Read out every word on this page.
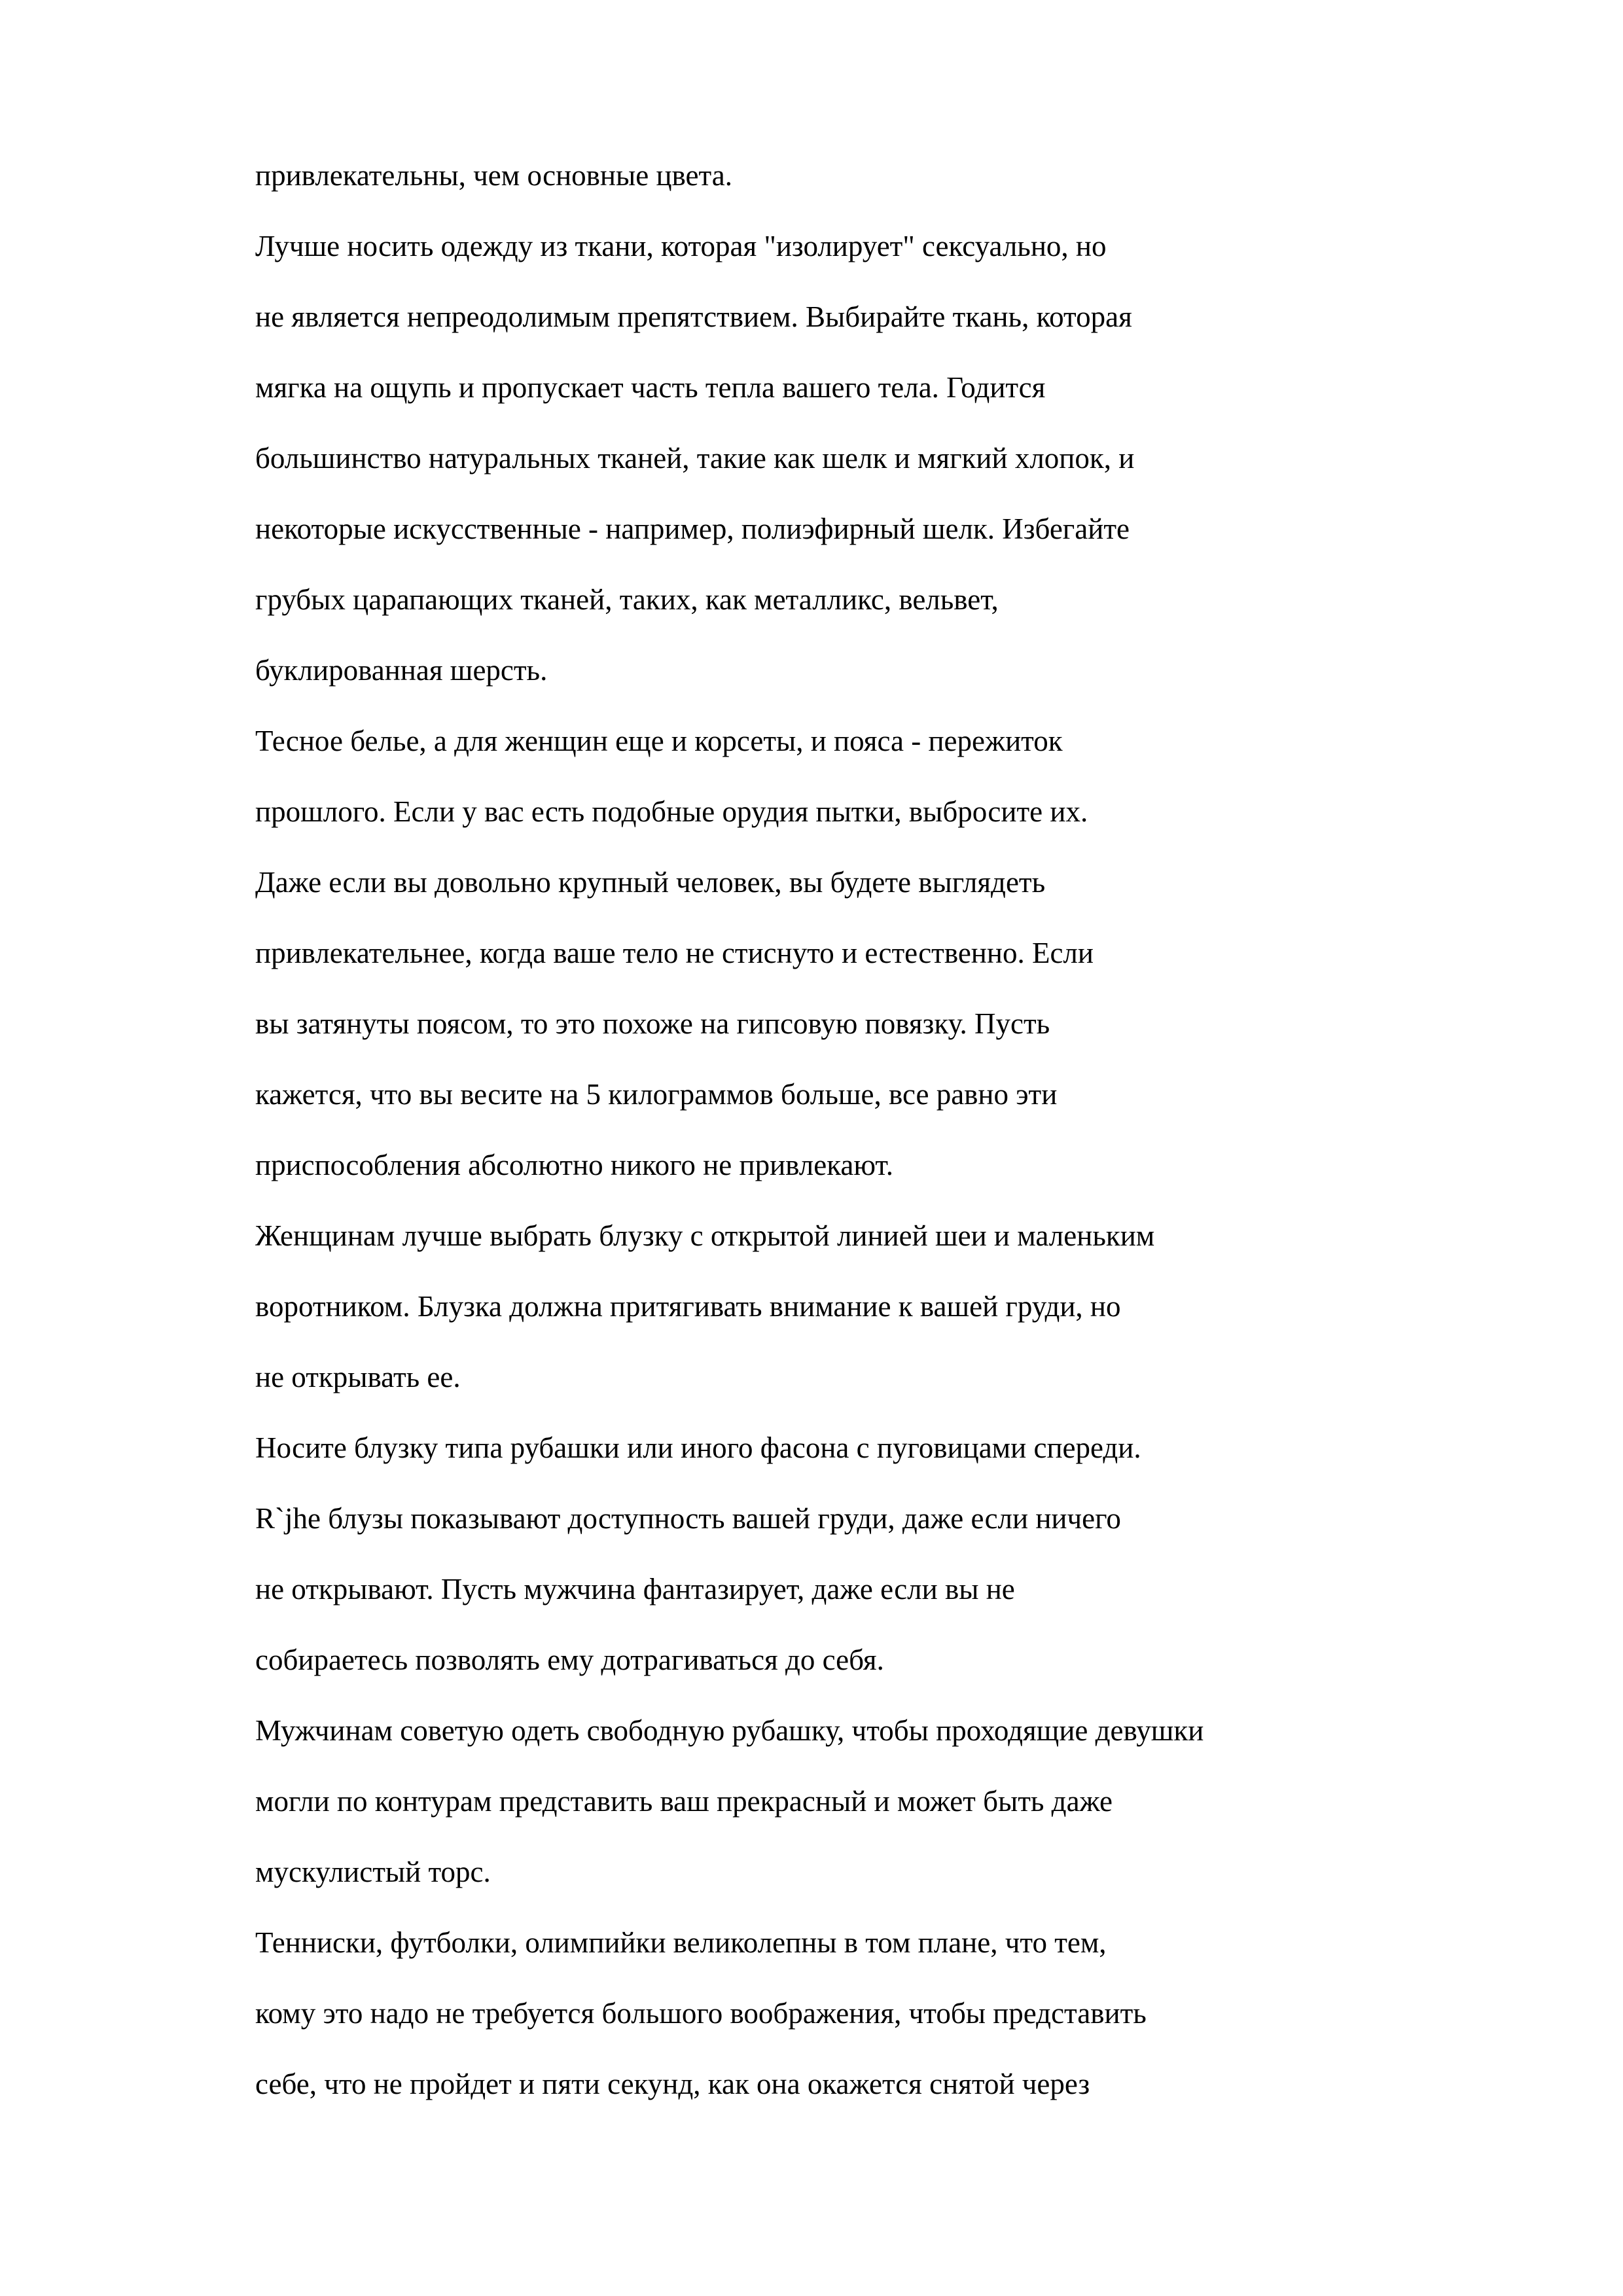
привлекательны, чем основные цвета.
Лучше носить одежду из ткани, которая "изолирует" сексуально, но
не является непреодолимым препятствием. Выбирайте ткань, которая
мягка на ощупь и пропускает часть тепла вашего тела. Годится
большинство натуральных тканей, такие как шелк и мягкий хлопок, и
некоторые искусственные - например, полиэфирный шелк. Избегайте
грубых царапающих тканей, таких, как металликс, вельвет,
буклированная шерсть.
Тесное белье, а для женщин еще и корсеты, и пояса - пережиток
прошлого. Если у вас есть подобные орудия пытки, выбросите их.
Даже если вы довольно крупный человек, вы будете выглядеть
привлекательнее, когда ваше тело не стиснуто и естественно. Если
вы затянуты поясом, то это похоже на гипсовую повязку. Пусть
кажется, что вы весите на 5 килограммов больше, все равно эти
приспособления абсолютно никого не привлекают.
Женщинам лучше выбрать блузку с открытой линией шеи и маленьким
воротником. Блузка должна притягивать внимание к вашей груди, но
не открывать ее.
Носите блузку типа рубашки или иного фасона с пуговицами спереди.
R`jhe блузы показывают доступность вашей груди, даже если ничего
не открывают. Пусть мужчина фантазирует, даже если вы не
собираетесь позволять ему дотрагиваться до себя.
Мужчинам советую одеть свободную рубашку, чтобы проходящие девушки
могли по контурам представить ваш прекрасный и может быть даже
мускулистый торс.
Тенниски, футболки, олимпийки великолепны в том плане, что тем,
кому это надо не требуется большого воображения, чтобы представить
себе, что не пройдет и пяти секунд, как она окажется снятой через
